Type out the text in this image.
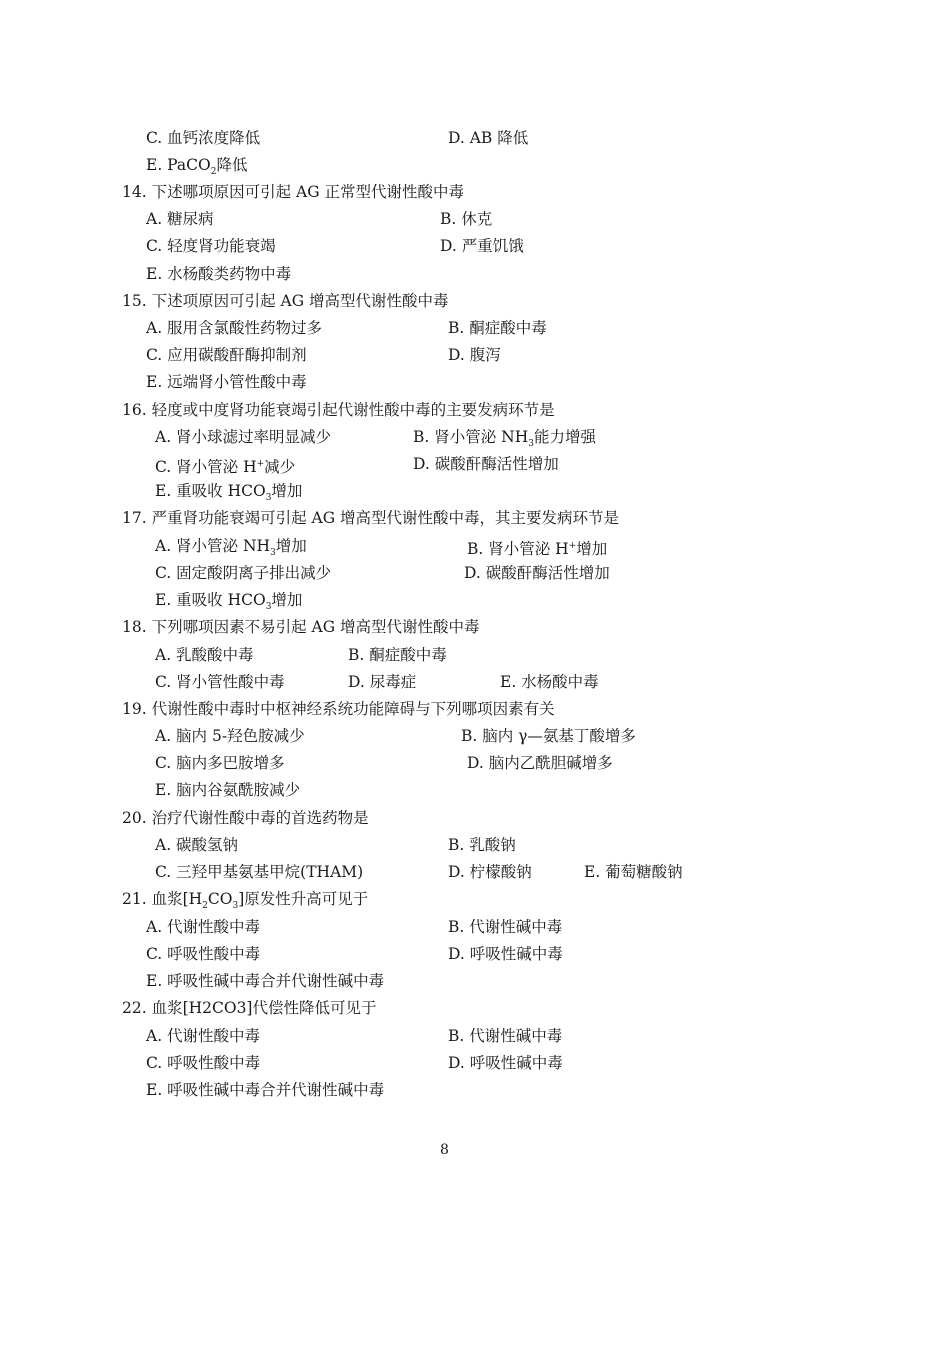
C. 血钙浓度降低	D. AB 降低
E. PaCO$_2$降低
14. 下述哪项原因可引起 AG 正常型代谢性酸中毒
A. 糖尿病	B. 休克
C. 轻度肾功能衰竭	D. 严重饥饿
E. 水杨酸类药物中毒
15. 下述项原因可引起 AG 增高型代谢性酸中毒
A. 服用含氯酸性药物过多	B. 酮症酸中毒
C. 应用碳酸酐酶抑制剂	D. 腹泻
E. 远端肾小管性酸中毒
16. 轻度或中度肾功能衰竭引起代谢性酸中毒的主要发病环节是
A. 肾小球滤过率明显减少	B. 肾小管泌 $NH_3$能力增强
C. 肾小管泌 H+减少	D. 碳酸酐酶活性增加
E. 重吸收 $HCO_3$增加
17. 严重肾功能衰竭可引起 AG 增高型代谢性酸中毒，其主要发病环节是
A. 肾小管泌 $NH_3$增加	B. 肾小管泌 H+增加
C. 固定酸阴离子排出减少	D. 碳酸酐酶活性增加
E. 重吸收 $HCO_3$增加
18. 下列哪项因素不易引起 AG 增高型代谢性酸中毒
A. 乳酸酸中毒	B. 酮症酸中毒
C. 肾小管性酸中毒	D. 尿毒症	E. 水杨酸中毒
19. 代谢性酸中毒时中枢神经系统功能障碍与下列哪项因素有关
A. 脑内 5-羟色胺减少	B. 脑内 γ—氨基丁酸增多
C. 脑内多巴胺增多	D. 脑内乙酰胆碱增多
E. 脑内谷氨酰胺减少
20. 治疗代谢性酸中毒的首选药物是
A. 碳酸氢钠	B. 乳酸钠
C. 三羟甲基氨基甲烷(THAM)	D. 柠檬酸钠	E. 葡萄糖酸钠
21. 血浆$[H_2CO_3]$原发性升高可见于
A. 代谢性酸中毒	B. 代谢性碱中毒
C. 呼吸性酸中毒	D. 呼吸性碱中毒
E. 呼吸性碱中毒合并代谢性碱中毒
22. 血浆[H2CO3]代偿性降低可见于
A. 代谢性酸中毒	B. 代谢性碱中毒
C. 呼吸性酸中毒	D. 呼吸性碱中毒
E. 呼吸性碱中毒合并代谢性碱中毒
8
